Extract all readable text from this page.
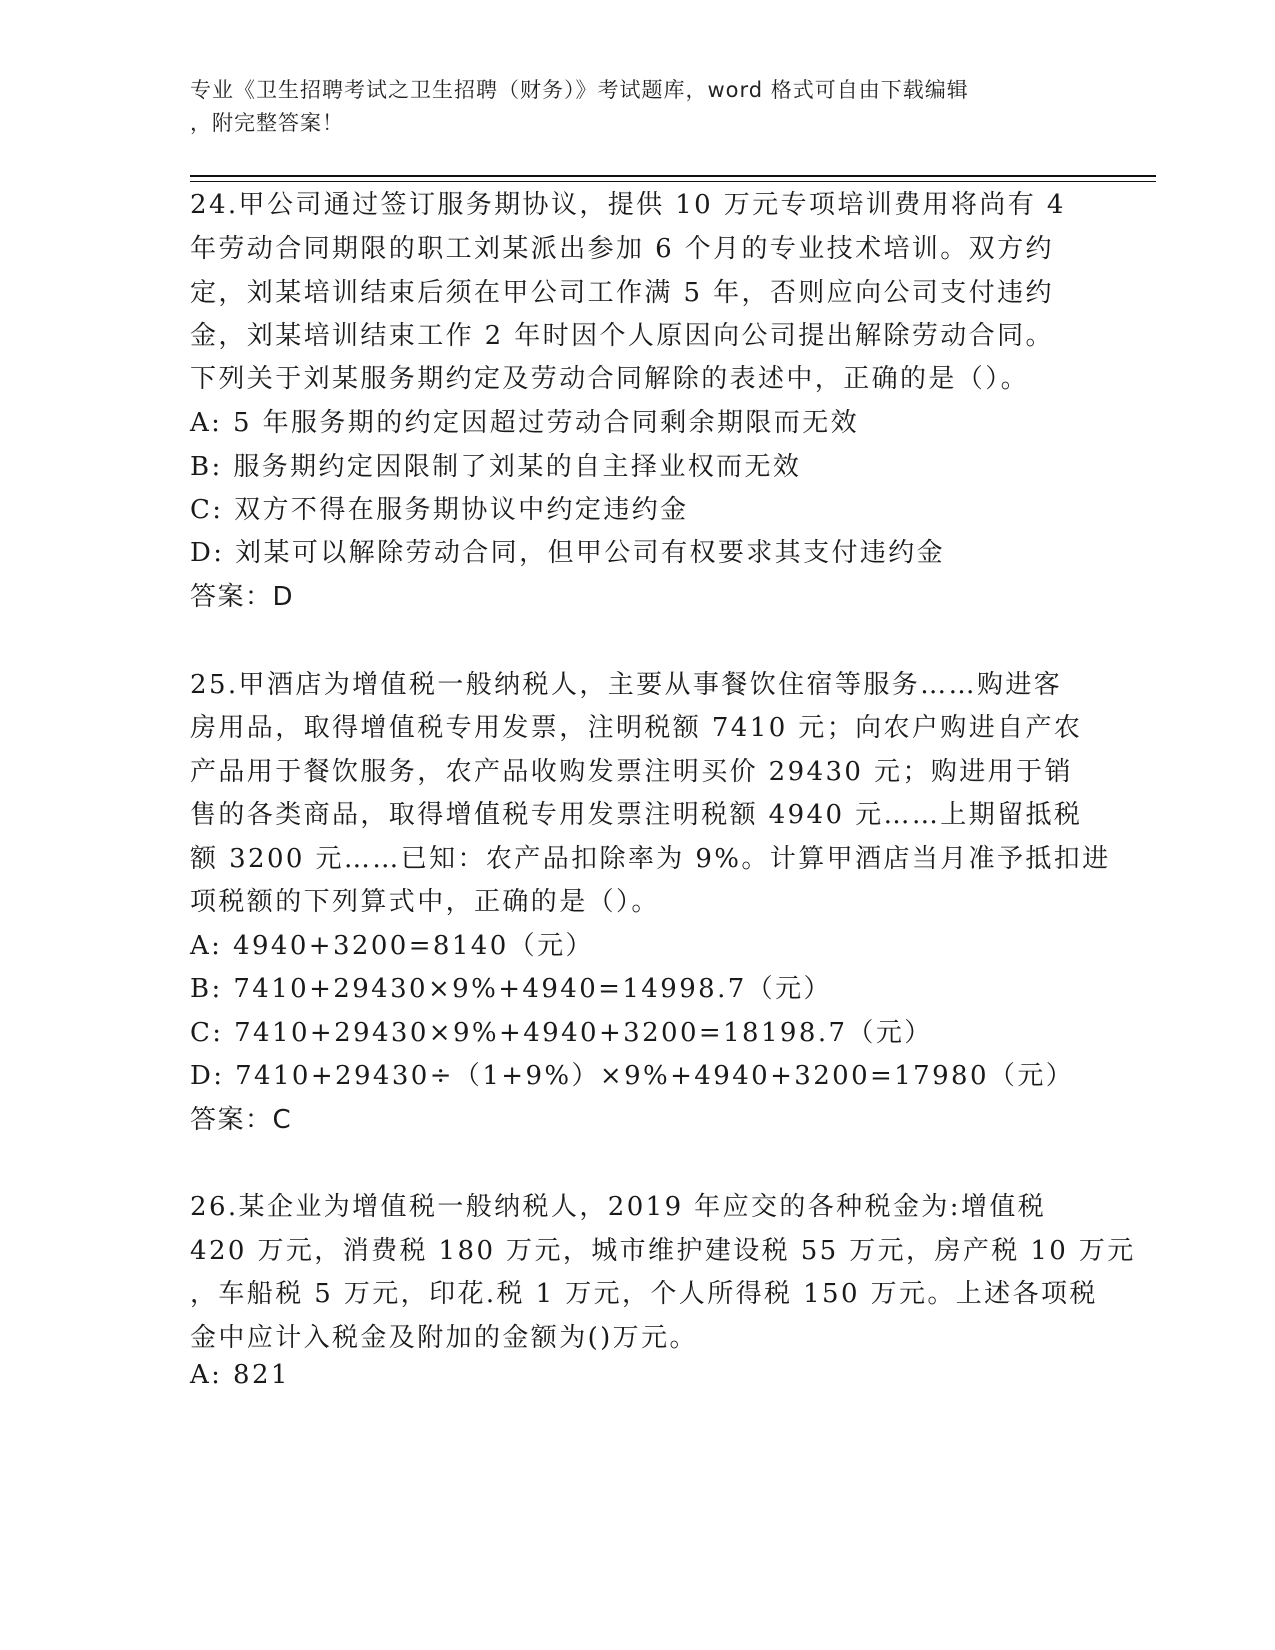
专业《卫生招聘考试之卫生招聘（财务）》考试题库，word 格式可自由下载编辑
，附完整答案！
24.甲公司通过签订服务期协议，提供 10 万元专项培训费用将尚有 4
年劳动合同期限的职工刘某派出参加 6 个月的专业技术培训。双方约
定，刘某培训结束后须在甲公司工作满 5 年，否则应向公司支付违约
金，刘某培训结束工作 2 年时因个人原因向公司提出解除劳动合同。
下列关于刘某服务期约定及劳动合同解除的表述中，正确的是（）。
A: 5 年服务期的约定因超过劳动合同剩余期限而无效
B: 服务期约定因限制了刘某的自主择业权而无效
C: 双方不得在服务期协议中约定违约金
D: 刘某可以解除劳动合同，但甲公司有权要求其支付违约金
答案：D
25.甲酒店为增值税一般纳税人，主要从事餐饮住宿等服务……购进客
房用品，取得增值税专用发票，注明税额 7410 元；向农户购进自产农
产品用于餐饮服务，农产品收购发票注明买价 29430 元；购进用于销
售的各类商品，取得增值税专用发票注明税额 4940 元……上期留抵税
额 3200 元……已知：农产品扣除率为 9%。计算甲酒店当月准予抵扣进
项税额的下列算式中，正确的是（）。
A: 4940+3200=8140（元）
B: 7410+29430×9%+4940=14998.7（元）
C: 7410+29430×9%+4940+3200=18198.7（元）
D: 7410+29430÷（1+9%）×9%+4940+3200=17980（元）
答案：C
26.某企业为增值税一般纳税人，2019 年应交的各种税金为:增值税
420 万元，消费税 180 万元，城市维护建设税 55 万元，房产税 10 万元
，车船税 5 万元，印花.税 1 万元，个人所得税 150 万元。上述各项税
金中应计入税金及附加的金额为()万元。
A: 821
